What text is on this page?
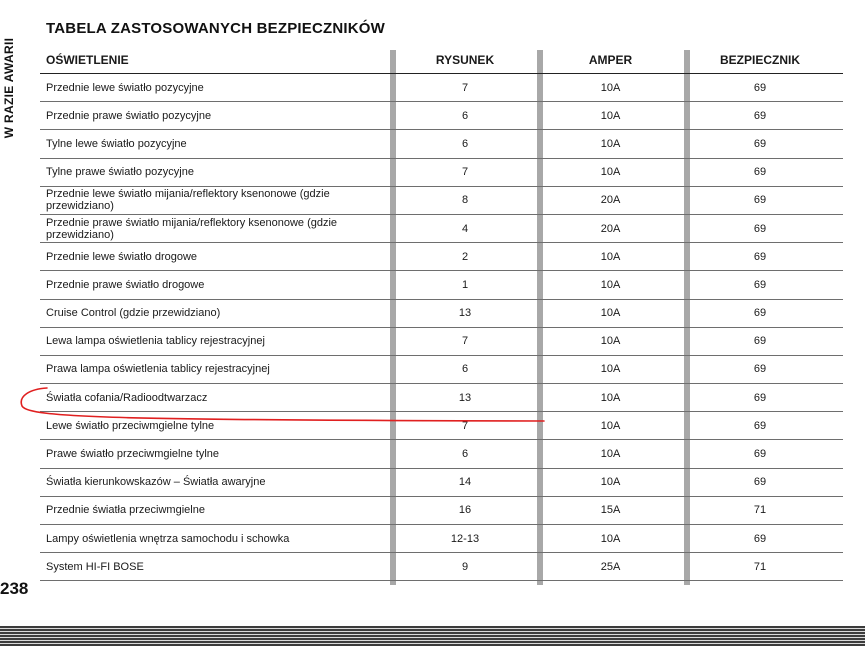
W RAZIE AWARII
238
TABELA ZASTOSOWANYCH BEZPIECZNIKÓW
OŚWIETLENIE	RYSUNEK	AMPER	BEZPIECZNIK
Przednie lewe światło pozycyjne	7	10A	69
Przednie prawe światło pozycyjne	6	10A	69
Tylne lewe światło pozycyjne	6	10A	69
Tylne prawe światło pozycyjne	7	10A	69
Przednie lewe światło mijania/reflektory ksenonowe (gdzie przewidziano)	8	20A	69
Przednie prawe światło mijania/reflektory ksenonowe (gdzie przewidziano)	4	20A	69
Przednie lewe światło drogowe	2	10A	69
Przednie prawe światło drogowe	1	10A	69
Cruise Control (gdzie przewidziano)	13	10A	69
Lewa lampa oświetlenia tablicy rejestracyjnej	7	10A	69
Prawa lampa oświetlenia tablicy rejestracyjnej	6	10A	69
Światła cofania/Radioodtwarzacz	13	10A	69
Lewe światło przeciwmgielne tylne	7	10A	69
Prawe światło przeciwmgielne tylne	6	10A	69
Światła kierunkowskazów – Światła awaryjne	14	10A	69
Przednie światła przeciwmgielne	16	15A	71
Lampy oświetlenia wnętrza samochodu i schowka	12-13	10A	69
System HI-FI BOSE	9	25A	71
